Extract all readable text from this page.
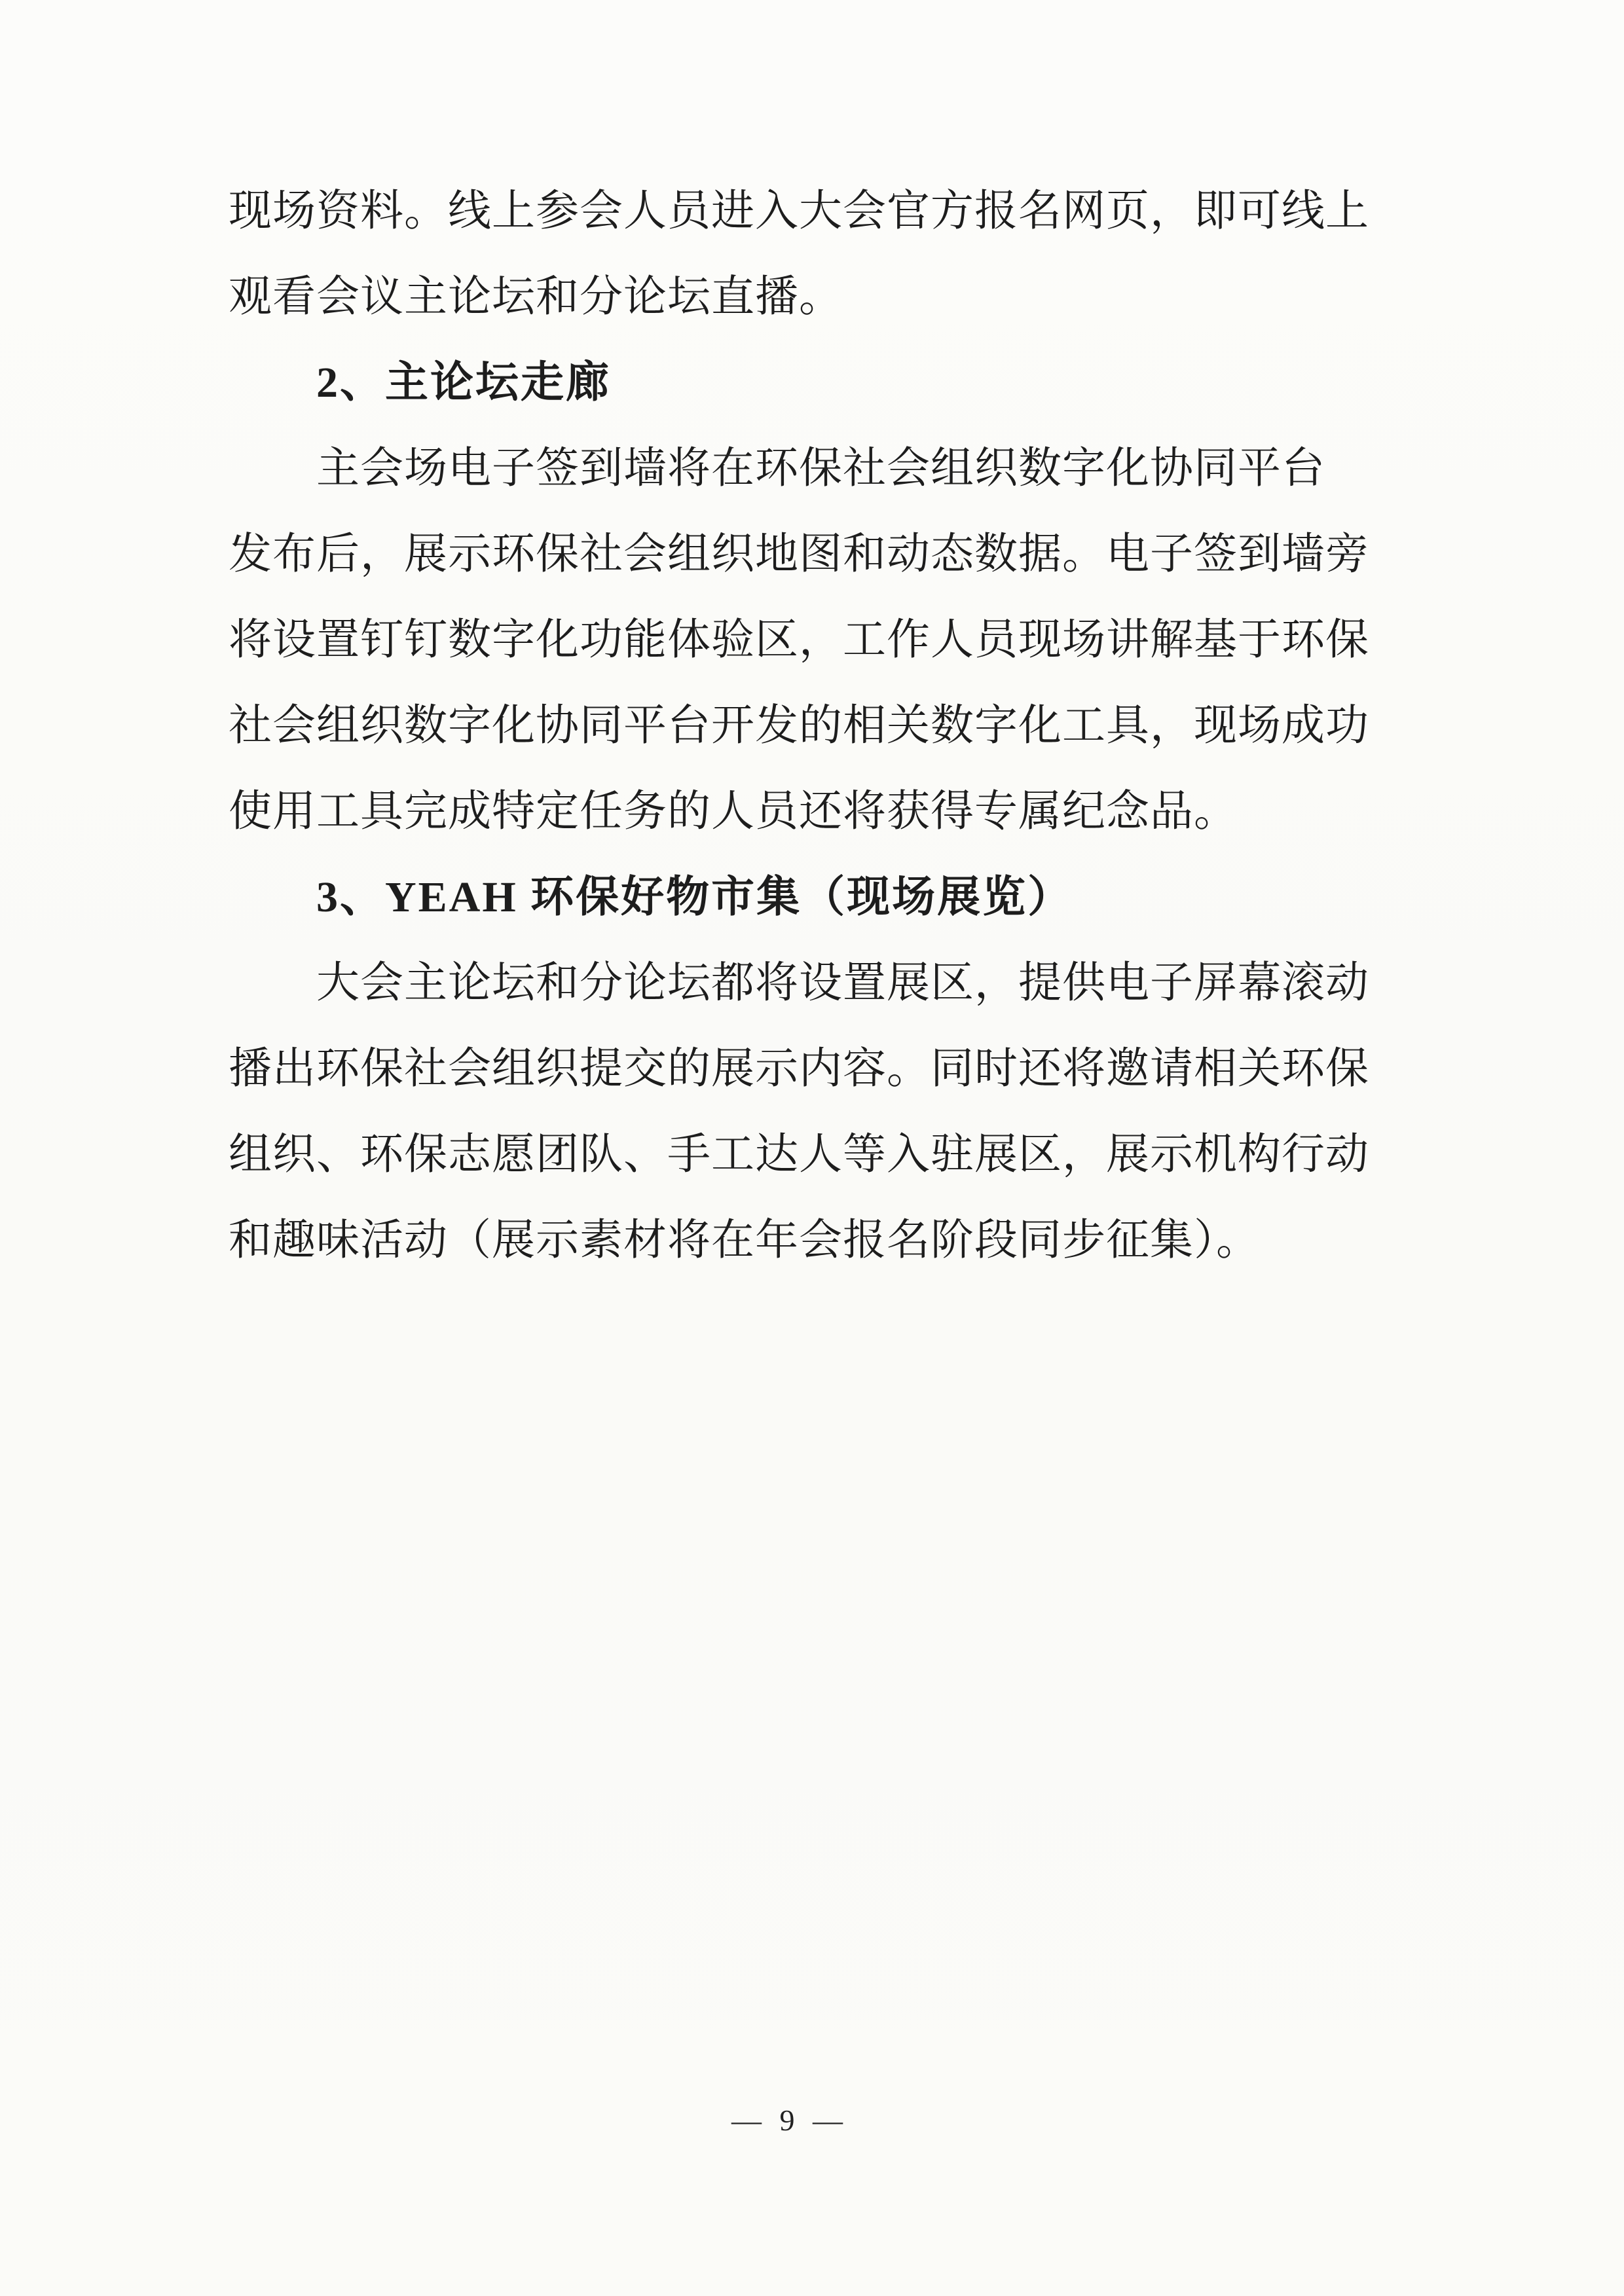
现场资料。线上参会人员进入大会官方报名网页，即可线上

观看会议主论坛和分论坛直播。

2、主论坛走廊

主会场电子签到墙将在环保社会组织数字化协同平台

发布后，展示环保社会组织地图和动态数据。电子签到墙旁

将设置钉钉数字化功能体验区，工作人员现场讲解基于环保

社会组织数字化协同平台开发的相关数字化工具，现场成功

使用工具完成特定任务的人员还将获得专属纪念品。

3、YEAH 环保好物市集（现场展览）

大会主论坛和分论坛都将设置展区，提供电子屏幕滚动

播出环保社会组织提交的展示内容。同时还将邀请相关环保

组织、环保志愿团队、手工达人等入驻展区，展示机构行动

和趣味活动（展示素材将在年会报名阶段同步征集）。

— 9 —
